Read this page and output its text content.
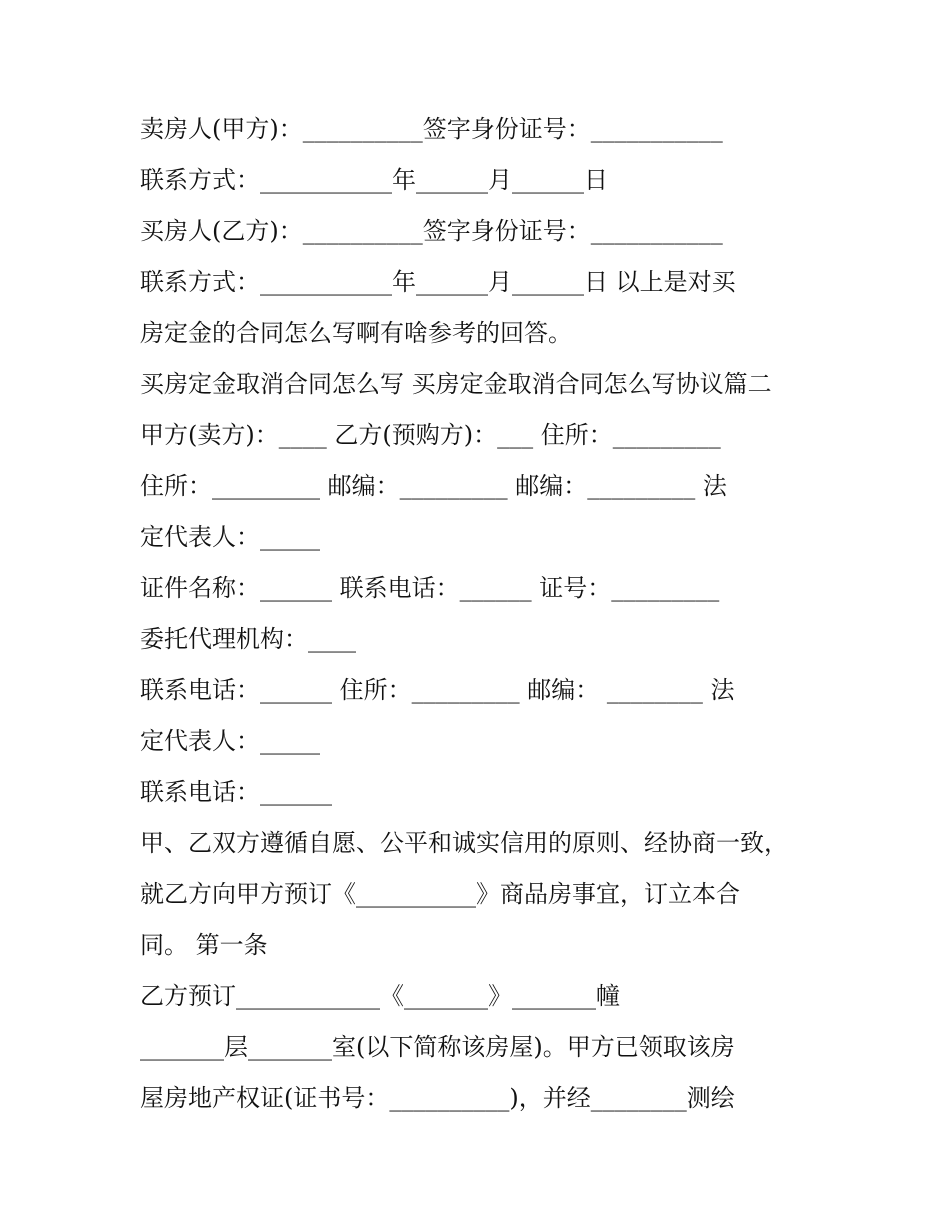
卖房人(甲方)：__________签字身份证号：___________
联系方式：___________年______月______日
买房人(乙方)：__________签字身份证号：___________
联系方式：___________年______月______日 以上是对买
房定金的合同怎么写啊有啥参考的回答。
买房定金取消合同怎么写 买房定金取消合同怎么写协议篇二
甲方(卖方)：____ 乙方(预购方)：___ 住所：_________
住所：_________ 邮编：_________ 邮编：_________ 法
定代表人：_____
证件名称：______ 联系电话：______ 证号：_________
委托代理机构：____
联系电话：______ 住所：_________ 邮编： ________ 法
定代表人：_____
联系电话：______
甲、乙双方遵循自愿、公平和诚实信用的原则、经协商一致，
就乙方向甲方预订《__________》商品房事宜，订立本合
同。 第一条
乙方预订____________《_______》_______幢
_______层_______室(以下简称该房屋)。甲方已领取该房
屋房地产权证(证书号：__________)，并经________测绘
